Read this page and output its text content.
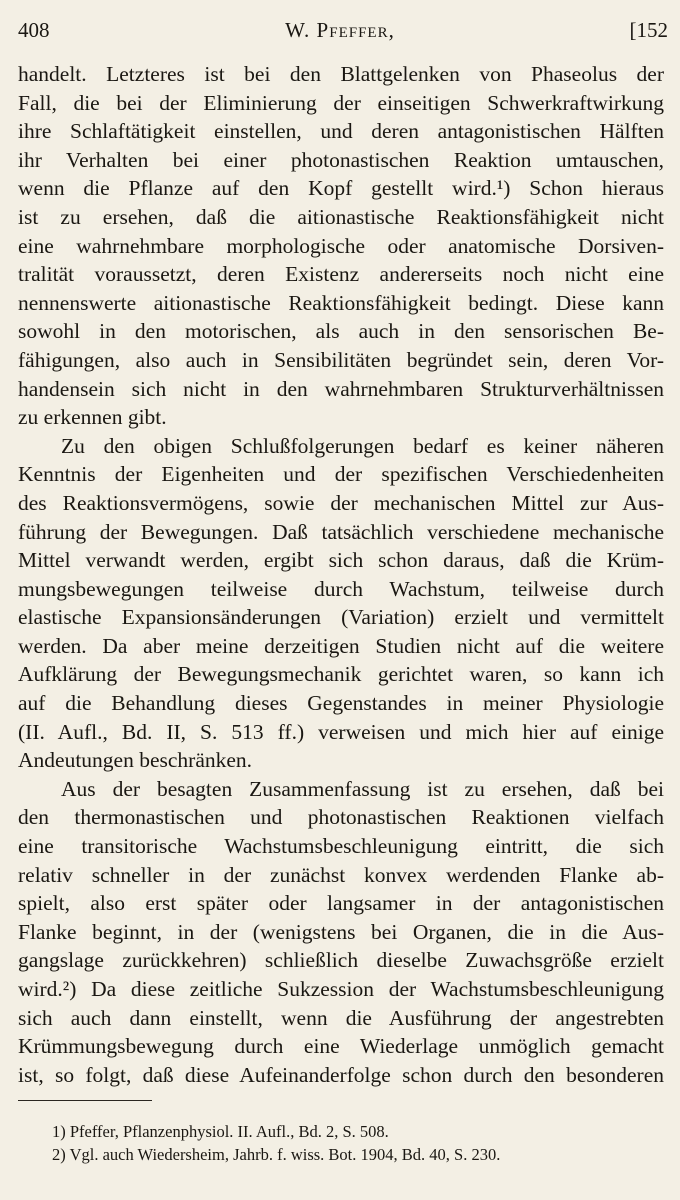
408	W. Pfeffer,	[152
handelt. Letzteres ist bei den Blattgelenken von Phaseolus der
Fall, die bei der Eliminierung der einseitigen Schwerkraftwirkung
ihre Schlaftätigkeit einstellen, und deren antagonistischen Hälften
ihr Verhalten bei einer photonastischen Reaktion umtauschen,
wenn die Pflanze auf den Kopf gestellt wird.¹) Schon hieraus
ist zu ersehen, daß die aitionastische Reaktionsfähigkeit nicht
eine wahrnehmbare morphologische oder anatomische Dorsiven-
tralität voraussetzt, deren Existenz andererseits noch nicht eine
nennenswerte aitionastische Reaktionsfähigkeit bedingt. Diese kann
sowohl in den motorischen, als auch in den sensorischen Be-
fähigungen, also auch in Sensibilitäten begründet sein, deren Vor-
handensein sich nicht in den wahrnehmbaren Strukturverhältnissen
zu erkennen gibt.
Zu den obigen Schlußfolgerungen bedarf es keiner näheren
Kenntnis der Eigenheiten und der spezifischen Verschiedenheiten
des Reaktionsvermögens, sowie der mechanischen Mittel zur Aus-
führung der Bewegungen. Daß tatsächlich verschiedene mechanische
Mittel verwandt werden, ergibt sich schon daraus, daß die Krüm-
mungsbewegungen teilweise durch Wachstum, teilweise durch
elastische Expansionsänderungen (Variation) erzielt und vermittelt
werden. Da aber meine derzeitigen Studien nicht auf die weitere
Aufklärung der Bewegungsmechanik gerichtet waren, so kann ich
auf die Behandlung dieses Gegenstandes in meiner Physiologie
(II. Aufl., Bd. II, S. 513 ff.) verweisen und mich hier auf einige
Andeutungen beschränken.
Aus der besagten Zusammenfassung ist zu ersehen, daß bei
den thermonastischen und photonastischen Reaktionen vielfach
eine transitorische Wachstumsbeschleunigung eintritt, die sich
relativ schneller in der zunächst konvex werdenden Flanke ab-
spielt, also erst später oder langsamer in der antagonistischen
Flanke beginnt, in der (wenigstens bei Organen, die in die Aus-
gangslage zurückkehren) schließlich dieselbe Zuwachsgröße erzielt
wird.²) Da diese zeitliche Sukzession der Wachstumsbeschleunigung
sich auch dann einstellt, wenn die Ausführung der angestrebten
Krümmungsbewegung durch eine Wiederlage unmöglich gemacht
ist, so folgt, daß diese Aufeinanderfolge schon durch den besonderen
1) Pfeffer, Pflanzenphysiol. II. Aufl., Bd. 2, S. 508.
2) Vgl. auch Wiedersheim, Jahrb. f. wiss. Bot. 1904, Bd. 40, S. 230.
